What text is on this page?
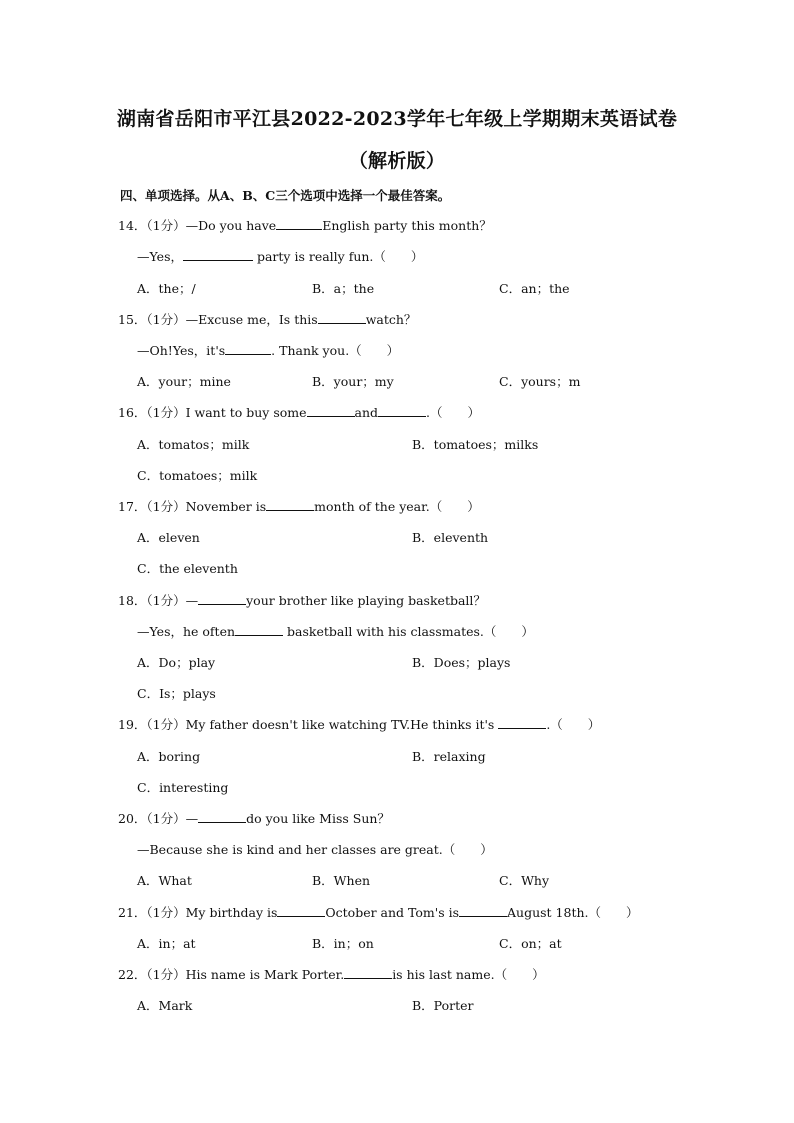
湖南省岳阳市平江县2022-2023学年七年级上学期期末英语试卷
（解析版）
四、单项选择。从A、B、C三个选项中选择一个最佳答案。
14．（1分）—Do you have	English party this month？
—Yes，	party is really fun.（　　）
A．the；/	B．a；the	C．an；the
15．（1分）—Excuse me，Is this	watch？
—Oh!Yes，it's	. Thank you.（　　）
A．your；mine	B．your；my	C．yours；m
16．（1分）I want to buy some	and	.（　　）
A．tomatos；milk	B．tomatoes；milks
C．tomatoes；milk
17．（1分）November is	month of the year.（　　）
A．eleven	B．eleventh
C．the eleventh
18．（1分）—	your brother like playing basketball？
—Yes，he often	basketball with his classmates.（　　）
A．Do；play	B．Does；plays
C．Is；plays
19．（1分）My father doesn't like watching TV.He thinks it's	.（　　）
A．boring	B．relaxing
C．interesting
20．（1分）—	do you like Miss Sun？
—Because she is kind and her classes are great.（　　）
A．What	B．When	C．Why
21．（1分）My birthday is	October and Tom's is	August 18th.（　　）
A．in；at	B．in；on	C．on；at
22．（1分）His name is Mark Porter.	is his last name.（　　）
A．Mark	B．Porter
